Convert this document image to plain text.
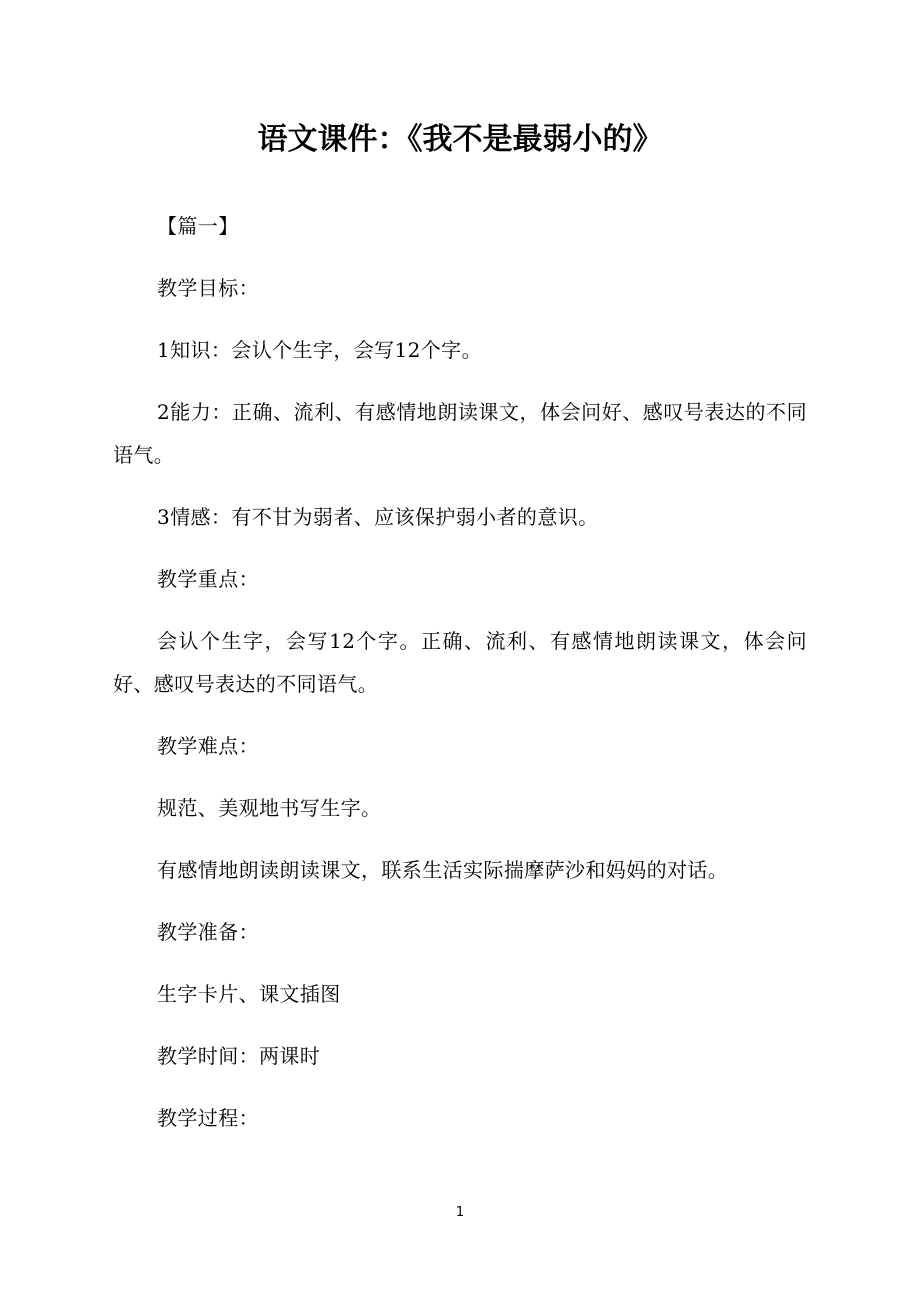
语文课件：《我不是最弱小的》

【篇一】

教学目标：

1知识：会认个生字，会写12个字。

2能力：正确、流利、有感情地朗读课文，体会问好、感叹号表达的不同语气。

3情感：有不甘为弱者、应该保护弱小者的意识。

教学重点：

会认个生字，会写12个字。正确、流利、有感情地朗读课文，体会问好、感叹号表达的不同语气。

教学难点：

规范、美观地书写生字。

有感情地朗读朗读课文，联系生活实际揣摩萨沙和妈妈的对话。

教学准备：

生字卡片、课文插图

教学时间：两课时

教学过程：

1
